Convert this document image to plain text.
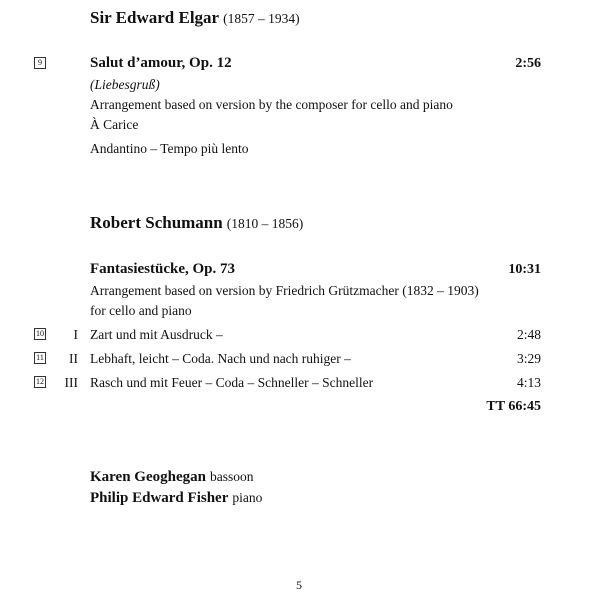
Sir Edward Elgar (1857 – 1934)
9	Salut d’amour, Op. 12	2:56
(Liebesgruß)
Arrangement based on version by the composer for cello and piano
À Carice
Andantino – Tempo più lento
Robert Schumann (1810 – 1856)
Fantasiestücke, Op. 73	10:31
Arrangement based on version by Friedrich Grützmacher (1832 – 1903)
for cello and piano
10	I Zart und mit Ausdruck –	2:48
11	II Lebhaft, leicht – Coda. Nach und nach ruhiger –	3:29
12	III Rasch und mit Feuer – Coda – Schneller – Schneller	4:13
TT 66:45
Karen Geoghegan bassoon
Philip Edward Fisher piano
5
